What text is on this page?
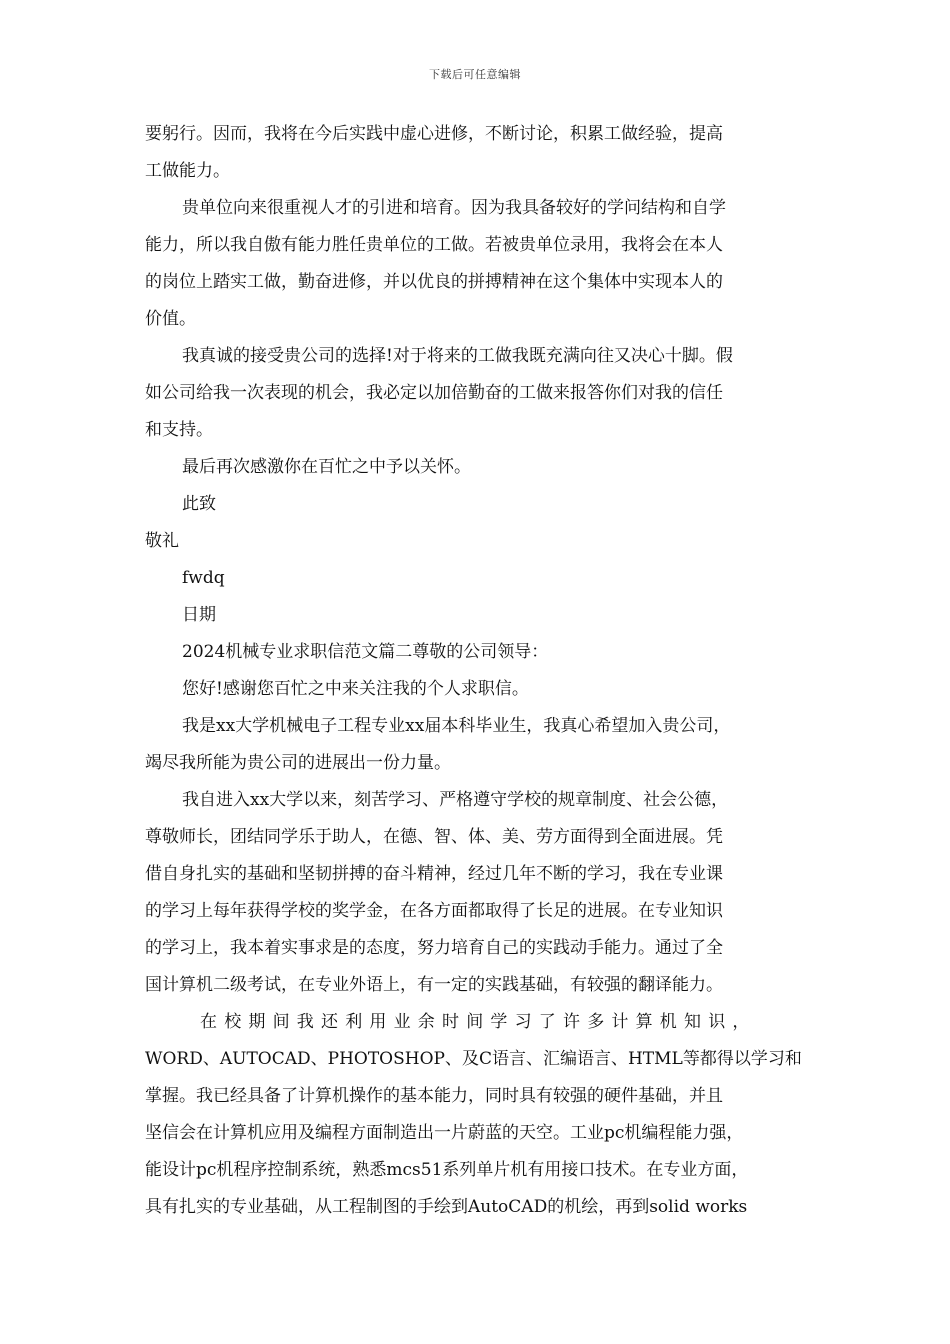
下载后可任意编辑
要躬行。因而，我将在今后实践中虚心进修，不断讨论，积累工做经验，提高
工做能力。
贵单位向来很重视人才的引进和培育。因为我具备较好的学问结构和自学
能力，所以我自傲有能力胜任贵单位的工做。若被贵单位录用，我将会在本人
的岗位上踏实工做，勤奋进修，并以优良的拼搏精神在这个集体中实现本人的
价值。
我真诚的接受贵公司的选择!对于将来的工做我既充满向往又决心十脚。假
如公司给我一次表现的机会，我必定以加倍勤奋的工做来报答你们对我的信任
和支持。
最后再次感激你在百忙之中予以关怀。
此致
敬礼
fwdq
日期
2024机械专业求职信范文篇二尊敬的公司领导：
您好!感谢您百忙之中来关注我的个人求职信。
我是xx大学机械电子工程专业xx届本科毕业生，我真心希望加入贵公司，
竭尽我所能为贵公司的进展出一份力量。
我自进入xx大学以来，刻苦学习、严格遵守学校的规章制度、社会公德，
尊敬师长，团结同学乐于助人，在德、智、体、美、劳方面得到全面进展。凭
借自身扎实的基础和坚韧拼搏的奋斗精神，经过几年不断的学习，我在专业课
的学习上每年获得学校的奖学金，在各方面都取得了长足的进展。在专业知识
的学习上，我本着实事求是的态度，努力培育自己的实践动手能力。通过了全
国计算机二级考试，在专业外语上，有一定的实践基础，有较强的翻译能力。
在校期间我还利用业余时间学习了许多计算机知识，
WORD、AUTOCAD、PHOTOSHOP、及C语言、汇编语言、HTML等都得以学习和
掌握。我已经具备了计算机操作的基本能力，同时具有较强的硬件基础，并且
坚信会在计算机应用及编程方面制造出一片蔚蓝的天空。工业pc机编程能力强，
能设计pc机程序控制系统，熟悉mcs51系列单片机有用接口技术。在专业方面，
具有扎实的专业基础，从工程制图的手绘到AutoCAD的机绘，再到solid works
